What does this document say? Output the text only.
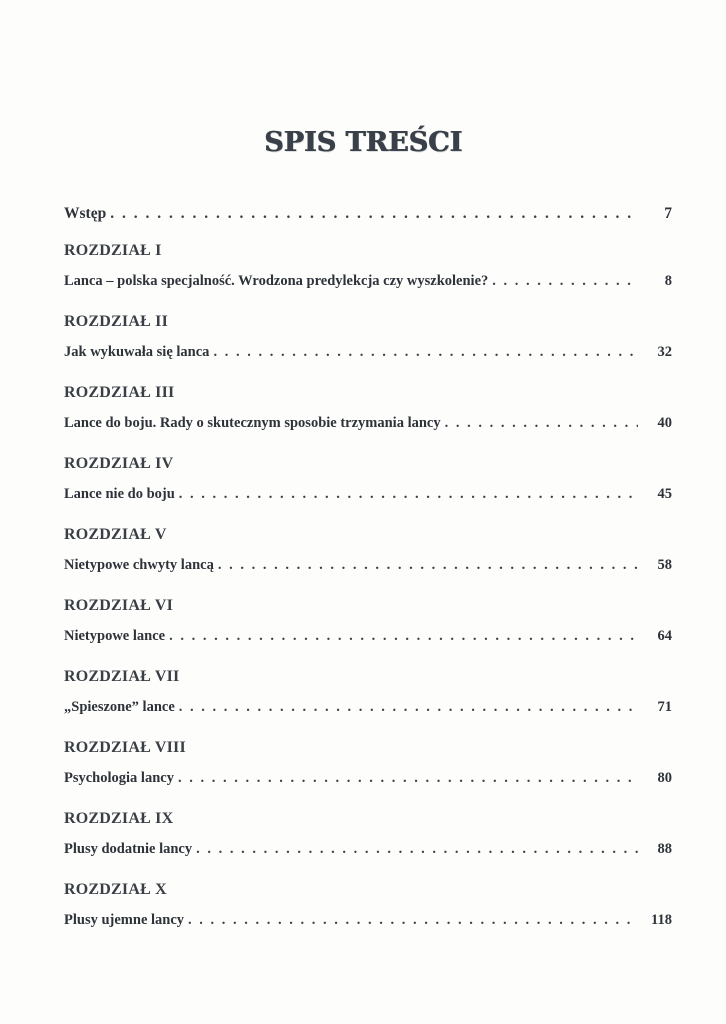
SPIS TREŚCI
Wstęp . . .	7
ROZDZIAŁ I
Lanca – polska specjalność. Wrodzona predylekcja czy wyszkolenie? . . .	8
ROZDZIAŁ II
Jak wykuwała się lanca . . .	32
ROZDZIAŁ III
Lance do boju. Rady o skutecznym sposobie trzymania lancy . . .	40
ROZDZIAŁ IV
Lance nie do boju . . .	45
ROZDZIAŁ V
Nietypowe chwyty lancą . . .	58
ROZDZIAŁ VI
Nietypowe lance . . .	64
ROZDZIAŁ VII
„Spieszone” lance . . .	71
ROZDZIAŁ VIII
Psychologia lancy . . .	80
ROZDZIAŁ IX
Plusy dodatnie lancy . . .	88
ROZDZIAŁ X
Plusy ujemne lancy . . .	118
